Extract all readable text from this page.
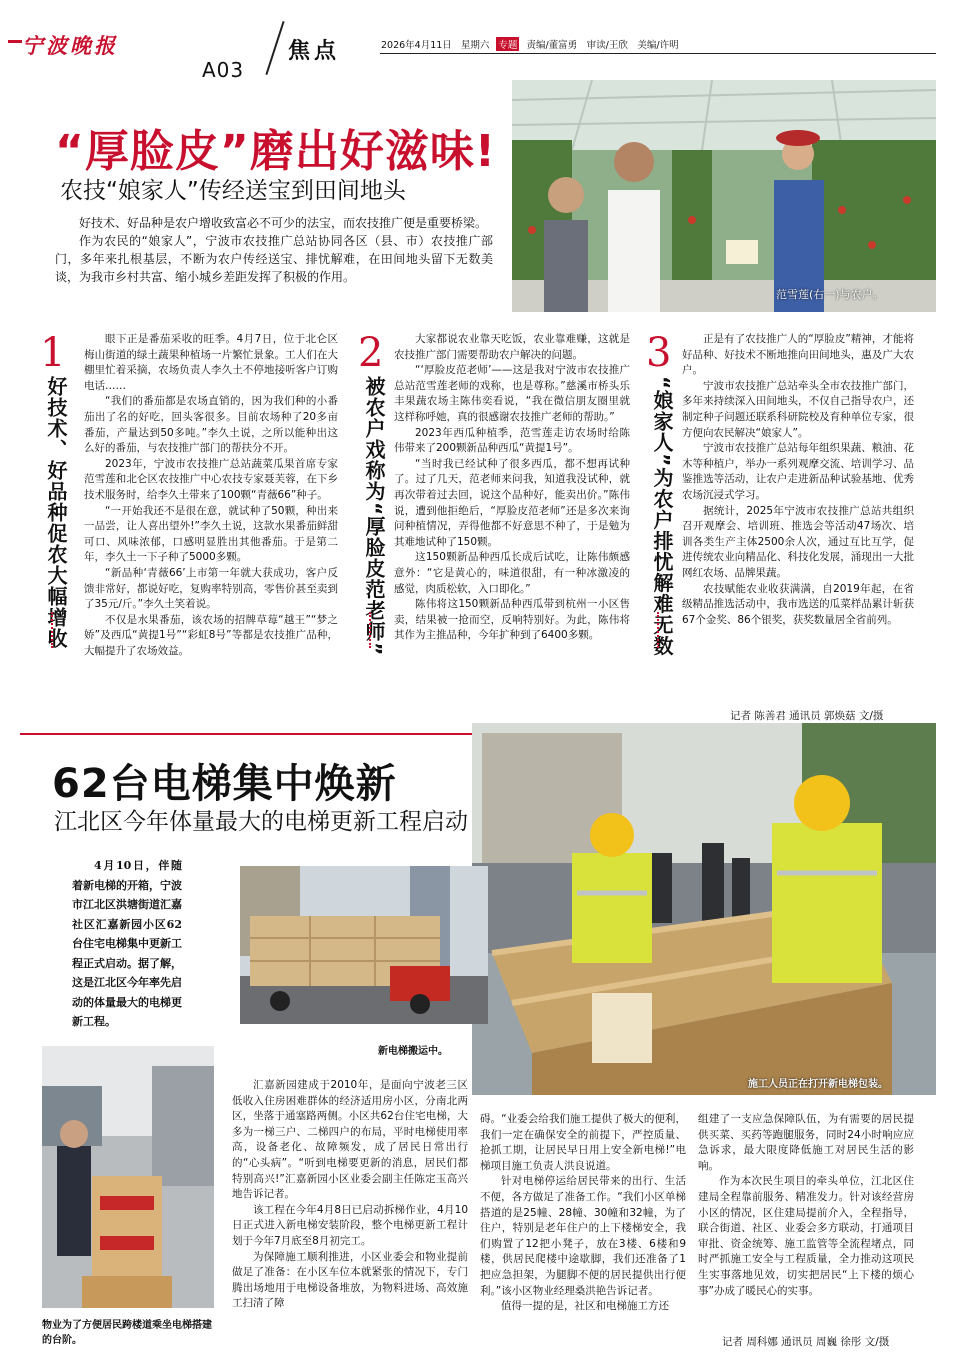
宁波晚报
A03
焦点	2026年4月11日 星期六 专题 责编/董富勇　审读/王欣　美编/许明
“厚脸皮”磨出好滋味!
农技“娘家人”传经送宝到田间地头

好技术、好品种是农户增收致富必不可少的法宝，而农技推广便是重要桥梁。

作为农民的“娘家人”，宁波市农技推广总站协同各区（县、市）农技推广部门，多年来扎根基层，不断为农户传经送宝、排忧解难，在田间地头留下无数美谈，为我市乡村共富、缩小城乡差距发挥了积极的作用。

范雪莲(右一)与农户。
1
好技术、好品种促农大幅增收

眼下正是番茄采收的旺季。4月7日，位于北仑区梅山街道的绿土蔬果种植场一片繁忙景象。工人们在大棚里忙着采摘，农场负责人李久土不停地接听客户订购电话……

“我们的番茄都是农场直销的，因为我们种的小番茄出了名的好吃，回头客很多。目前农场种了20多亩番茄，产量达到50多吨。”李久土说，之所以能种出这么好的番茄，与农技推广部门的帮扶分不开。

2023年，宁波市农技推广总站蔬菜瓜果首席专家范雪莲和北仑区农技推广中心农技专家聂芙蓉，在下乡技术服务时，给李久土带来了100颗“青薇66”种子。

“一开始我还不是很在意，就试种了50颗，种出来一品尝，让人喜出望外!”李久土说，这款水果番茄鲜甜可口、风味浓郁，口感明显胜出其他番茄。于是第二年，李久土一下子种了5000多颗。

“新品种‘青薇66’上市第一年就大获成功，客户反馈非常好，都说好吃，复购率特别高，零售价甚至卖到了35元/斤。”李久土笑着说。

不仅是水果番茄，该农场的招牌草莓“越王”“梦之娇”及西瓜“黄提1号”“彩虹8号”等都是农技推广品种，大幅提升了农场效益。

2
被农户戏称为“厚脸皮范老师”

大家都说农业靠天吃饭，农业靠难赚，这就是农技推广部门需要帮助农户解决的问题。

“‘厚脸皮范老师’——这是我对宁波市农技推广总站范雪莲老师的戏称，也是尊称。”慈溪市桥头乐丰果蔬农场主陈伟奕看说，“我在微信朋友圈里就这样称呼她，真的很感谢农技推广老师的帮助。”

2023年西瓜种植季，范雪莲走访农场时给陈伟带来了200颗新品种西瓜“黄提1号”。

“当时我已经试种了很多西瓜，都不想再试种了。过了几天，范老师来问我，知道我没试种，就再次带着过去回，说这个品种好，能卖出价。”陈伟说，遭到他拒绝后，“厚脸皮范老师”还是多次来询问种植情况，弄得他都不好意思不种了，于是勉为其难地试种了150颗。

这150颗新品种西瓜长成后试吃，让陈伟颇感意外：“它是黄心的，味道很甜，有一种冰激凌的感觉，肉质松软，入口即化。”

陈伟将这150颗新品种西瓜带到杭州一小区售卖，结果被一抢而空，反响特别好。为此，陈伟将其作为主推品种，今年扩种到了6400多颗。

3
“娘家人”为农户排忧解难无数

正是有了农技推广人的“厚脸皮”精神，才能将好品种、好技术不断地推向田间地头，惠及广大农户。

宁波市农技推广总站牵头全市农技推广部门，多年来持续深入田间地头，不仅自己指导农户，还制定种子问题还联系科研院校及育种单位专家，很方便向农民解决“娘家人”。

宁波市农技推广总站每年组织果蔬、粮油、花木等种植户，举办一系列观摩交流、培训学习、品鉴推选等活动，让农户走进新品种试验基地、优秀农场沉浸式学习。

据统计，2025年宁波市农技推广总站共组织召开观摩会、培训班、推选会等活动47场次、培训各类生产主体2500余人次，通过互比互学，促进传统农业向精品化、科技化发展，涌现出一大批网红农场、品牌果蔬。

农技赋能农业收获满满，自2019年起，在省级精品推选活动中，我市选送的瓜菜样品累计斩获67个金奖、86个银奖，获奖数量居全省前列。

记者 陈善君 通讯员 郭焕菇 文/摄
62台电梯集中焕新
江北区今年体量最大的电梯更新工程启动
4月10日，伴随着新电梯的开箱，宁波市江北区洪塘街道汇嘉社区汇嘉新园小区62台住宅电梯集中更新工程正式启动。据了解，这是江北区今年率先启动的体量最大的电梯更新工程。
施工人员正在打开新电梯包装。
新电梯搬运中。
物业为了方便居民跨楼道乘坐电梯搭建的台阶。

汇嘉新园建成于2010年，是面向宁波老三区低收入住房困难群体的经济适用房小区，分南北两区，坐落于通塞路两侧。小区共62台住宅电梯，大多为一梯三户、二梯四户的布局，平时电梯使用率高，设备老化、故障频发，成了居民日常出行的“心头病”。“听到电梯要更新的消息，居民们都特别高兴!”汇嘉新园小区业委会副主任陈定玉高兴地告诉记者。

该工程在今年4月8日已启动拆梯作业，4月10日正式进入新电梯安装阶段，整个电梯更新工程计划于今年7月底至8月初完工。

为保障施工顺利推进，小区业委会和物业提前做足了准备：在小区车位本就紧张的情况下，专门腾出场地用于电梯设备堆放，为物料进场、高效施工扫清了障

碍。“业委会给我们施工提供了极大的便利，我们一定在确保安全的前提下，严控质量、抢抓工期，让居民早日用上安全新电梯!”电梯项目施工负责人洪良说道。

针对电梯停运给居民带来的出行、生活不便，各方做足了准备工作。“我们小区单梯搭道的是25幢、28幢、30幢和32幢，为了住户，特别是老年住户的上下楼梯安全，我们购置了12把小凳子，放在3楼、6楼和9楼，供居民爬楼中途歇脚，我们还准备了1把应急担架，为腿脚不便的居民提供出行便利。”该小区物业经理桑洪艳告诉记者。

值得一提的是，社区和电梯施工方还

组建了一支应急保障队伍，为有需要的居民提供买菜、买药等跑腿服务，同时24小时响应应急诉求，最大限度降低施工对居民生活的影响。

作为本次民生项目的牵头单位，江北区住建局全程靠前服务、精准发力。针对该经营房小区的情况，区住建局提前介入，全程指导，联合街道、社区、业委会多方联动，打通项目审批、资金统筹、施工监管等全流程堵点，同时严抓施工安全与工程质量，全力推动这项民生实事落地见效，切实把居民“上下楼的烦心事”办成了暖民心的实事。

记者 周科娜 通讯员 周巍 徐彤 文/摄
